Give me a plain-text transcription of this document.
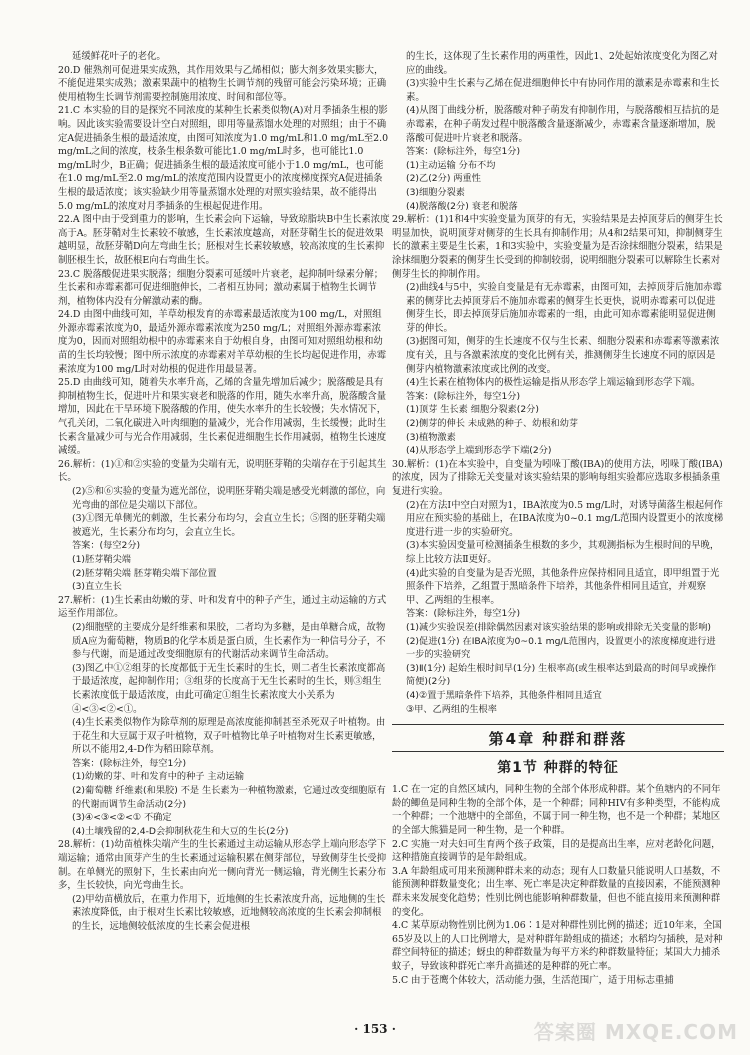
延缓鲜花叶子的老化。

20.D 催熟剂可促进果实成熟，其作用效果与乙烯相似；膨大剂多效果实膨大，不能促进果实成熟；激素果蔬中的植物生长调节剂的残留可能会污染环境；正确使用植物生长调节剂需要控制施用浓度、时间和部位等。

21.C 本实验的目的是探究不同浓度的某种生长素类似物(A)对月季插条生根的影响。因此该实验需要设计空白对照组，即用等量蒸馏水处理的对照组；由于不确定A促进插条生根的最适浓度，由图可知浓度为1.0 mg/mL和1.0 mg/mL至2.0 mg/mL之间的浓度，枝条生根条数可能比1.0 mg/mL时多，也可能比1.0 mg/mL时少，B正确；促进插条生根的最适浓度可能小于1.0 mg/mL，也可能在1.0 mg/mL至2.0 mg/mL的浓度范围内设置更小的浓度梯度探究A促进插条生根的最适浓度；该实验缺少用等量蒸馏水处理的对照实验结果，故不能得出5.0 mg/mL的浓度对月季插条的生根起促进作用。

22.A 图中由于受到重力的影响，生长素会向下运输，导致琼脂块B中生长素浓度高于A。胚芽鞘对生长素较不敏感，生长素浓度越高，对胚芽鞘生长的促进效果越明显，故胚芽鞘D向左弯曲生长；胚根对生长素较敏感，较高浓度的生长素抑制胚根生长，故胚根E向右弯曲生长。

23.C 脱落酸促进果实脱落；细胞分裂素可延缓叶片衰老，起抑制叶绿素分解；生长素和赤霉素都可促进细胞伸长，二者相互协同；激动素属于植物生长调节剂，植物体内没有分解激动素的酶。

24.D 由图中曲线可知，羊草幼根发育的赤霉素最适浓度为100 mg/L，对照组外源赤霉素浓度为0，最适外源赤霉素浓度为250 mg/L；对照组外源赤霉素浓度为0，因而对照组幼根中的赤霉素来自于幼根自身，由图可知对照组幼根和幼苗的生长均较慢；图中所示浓度的赤霉素对羊草幼根的生长均起促进作用，赤霉素浓度为100 mg/L时对幼根的促进作用最显著。

25.D 由曲线可知，随着失水率升高，乙烯的含量先增加后减少；脱落酸是具有抑制植物生长，促进叶片和果实衰老和脱落的作用，随失水率升高，脱落酸含量增加，因此在干旱环境下脱落酸的作用，使失水率升的生长较慢；失水情况下，气孔关闭，二氧化碳进入叶肉细胞的量减少，光合作用减弱，生长缓慢；此时生长素含量减少可与光合作用减弱，生长素促进细胞生长作用减弱，植物生长速度减缓。

26.解析：(1)①和②实验的变量为尖端有无，说明胚芽鞘的尖端存在于引起其生长。

(2)⑤和⑥实验的变量为遮光部位，说明胚芽鞘尖端是感受光刺激的部位，向光弯曲的部位是尖端以下部位。

(3)①图无单侧光的刺激，生长素分布均匀，会直立生长；⑤图的胚芽鞘尖端被遮光，生长素分布均匀，会直立生长。

答案：(每空2分)

(1)胚芽鞘尖端

(2)胚芽鞘尖端 胚芽鞘尖端下部位置

(3)直立生长

27.解析：(1)生长素由幼嫩的芽、叶和发育中的种子产生，通过主动运输的方式运至作用部位。

(2)细胞壁的主要成分是纤维素和果胶，二者均为多糖，是由单糖合成，故物质A应为葡萄糖，物质B的化学本质是蛋白质，生长素作为一种信号分子，不参与代谢，而是通过改变细胞原有的代谢活动来调节生命活动。

(3)图乙中①②组芽的长度都低于无生长素时的生长，则二者生长素浓度都高于最适浓度，起抑制作用；③组芽的长度高于无生长素时的生长，则③组生长素浓度低于最适浓度，由此可确定①组生长素浓度大小关系为④<③<②<①。

(4)生长素类似物作为除草剂的原理是高浓度能抑制甚至杀死双子叶植物。由于花生和大豆属于双子叶植物，双子叶植物比单子叶植物对生长素更敏感，所以不能用2,4-D作为稻田除草剂。

答案：(除标注外，每空1分)

(1)幼嫩的芽、叶和发育中的种子 主动运输

(2)葡萄糖 纤维素(和果胶) 不是 生长素为一种植物激素，它通过改变细胞原有的代谢而调节生命活动(2分)

(3)④<③<②<① 不确定

(4)土壤残留的2,4-D会抑制秋花生和大豆的生长(2分)

28.解析：(1)幼苗植株尖端产生的生长素通过主动运输从形态学上端向形态学下端运输；通常由顶芽产生的生长素通过运输积累在侧芽部位，导致侧芽生长受抑制。在单侧光的照射下，生长素由向光一侧向背光一侧运输，背光侧生长素分布多，生长较快，向光弯曲生长。

(2)甲幼苗横放后，在重力作用下，近地侧的生长素浓度升高，远地侧的生长素浓度降低，由于根对生长素比较敏感，近地侧较高浓度的生长素会抑制根的生长，远地侧较低浓度的生长素会促进根

的生长，这体现了生长素作用的两重性，因此1、2处起始浓度变化为图乙对应的曲线。

(3)实验中生长素与乙烯在促进细胞伸长中有协同作用的激素是赤霉素和生长素。

(4)从图丁曲线分析，脱落酸对种子萌发有抑制作用，与脱落酸相互拮抗的是赤霉素，在种子萌发过程中脱落酸含量逐渐减少，赤霉素含量逐渐增加，脱落酸可促进叶片衰老和脱落。

答案：(除标注外，每空1分)

(1)主动运输 分布不均

(2)乙(2分) 两重性

(3)细胞分裂素

(4)脱落酸(2分) 衰老和脱落

29.解析：(1)1和4中实验变量为顶芽的有无，实验结果是去掉顶芽后的侧芽生长明显加快，说明顶芽对侧芽的生长具有抑制作用；从4和2结果可知，抑制侧芽生长的激素主要是生长素，1和3实验中，实验变量为是否涂抹细胞分裂素，结果是涂抹细胞分裂素的侧芽生长受到的抑制较弱，说明细胞分裂素可以解除生长素对侧芽生长的抑制作用。

(2)曲线4与5中，实验自变量是有无赤霉素，由图可知，去掉顶芽后施加赤霉素的侧芽比去掉顶芽后不施加赤霉素的侧芽生长更快，说明赤霉素可以促进侧芽生长，即去掉顶芽后施加赤霉素的一组，由此可知赤霉素能明显促进侧芽的伸长。

(3)据图可知，侧芽的生长速度不仅与生长素、细胞分裂素和赤霉素等激素浓度有关，且与各激素浓度的变化比例有关，推测侧芽生长速度不同的原因是侧芽内植物激素浓度或比例的改变。

(4)生长素在植物体内的极性运输是指从形态学上端运输到形态学下端。

答案：(除标注外，每空1分)

(1)顶芽 生长素 细胞分裂素(2分)

(2)侧芽的伸长 未成熟的种子、幼根和幼芽

(3)植物激素

(4)从形态学上端到形态学下端(2分)

30.解析：(1)在本实验中，自变量为吲哚丁酸(IBA)的使用方法，吲哚丁酸(IBA)的浓度，因为了排除无关变量对该实验结果的影响每组实验都应选取多根插条重复进行实验。

(2)在方法I中空白对照为1，IBA浓度为0.5 mg/L时，对诱导菌落生根起何作用应在预实验的基础上，在IBA浓度为0~0.1 mg/L范围内设置更小的浓度梯度进行进一步的实验研究。

(3)本实验因变量可检测插条生根数的多少，其观测指标为生根时间的早晚，综上比较方法Ⅱ更好。

(4)此实验的自变量为是否光照，其他条件应保持相同且适宜，即甲组置于光照条件下培养，乙组置于黑暗条件下培养，其他条件相同且适宜，并观察甲、乙两组的生根率。

答案：(除标注外，每空1分)

(1)减少实验误差(排除偶然因素对该实验结果的影响或排除无关变量的影响)

(2)促进(1分) 在IBA浓度为0~0.1 mg/L范围内，设置更小的浓度梯度进行进一步的实验研究

(3)Ⅱ(1分) 起始生根时间早(1分) 生根率高(或生根率达到最高的时间早或操作简便)(2分)

(4)②置于黑暗条件下培养，其他条件相同且适宜

③甲、乙两组的生根率

第4章 种群和群落
第1节 种群的特征

1.C 在一定的自然区域内，同种生物的全部个体形成种群。某个鱼塘内的不同年龄的鲫鱼是同种生物的全部个体，是一个种群；同种HIV有多种类型，不能构成一个种群；一个池塘中的全部鱼，不属于同一种生物，也不是一个种群；某地区的全部大熊猫是同一种生物，是一个种群。

2.C 实施一对夫妇可生育两个孩子政策，目的是提高出生率，应对老龄化问题，这种措施直接调节的是年龄组成。

3.A 年龄组成可用来预测种群未来的动态；现有人口数量只能说明人口基数，不能预测种群数量变化；出生率、死亡率是决定种群数量的直接因素，不能预测种群未来发展变化趋势；性别比例也能影响种群数量，但也不能直接用来预测种群的变化。

4.C 某草原动物性别比例为1.06∶1是对种群性别比例的描述；近10年来，全国65岁及以上的人口比例增大，是对种群年龄组成的描述；水稻均匀插秧，是对种群空间特征的描述；蚜虫的种群数量为每平方米约种群数量特征；某国大力捕杀蚊子，导致该种群死亡率升高描述的是种群的死亡率。

5.C 由于苍鹰个体较大，活动能力强，生活范围广，适于用标志重捕

· 153 ·	答案圈 MXQE.COM
